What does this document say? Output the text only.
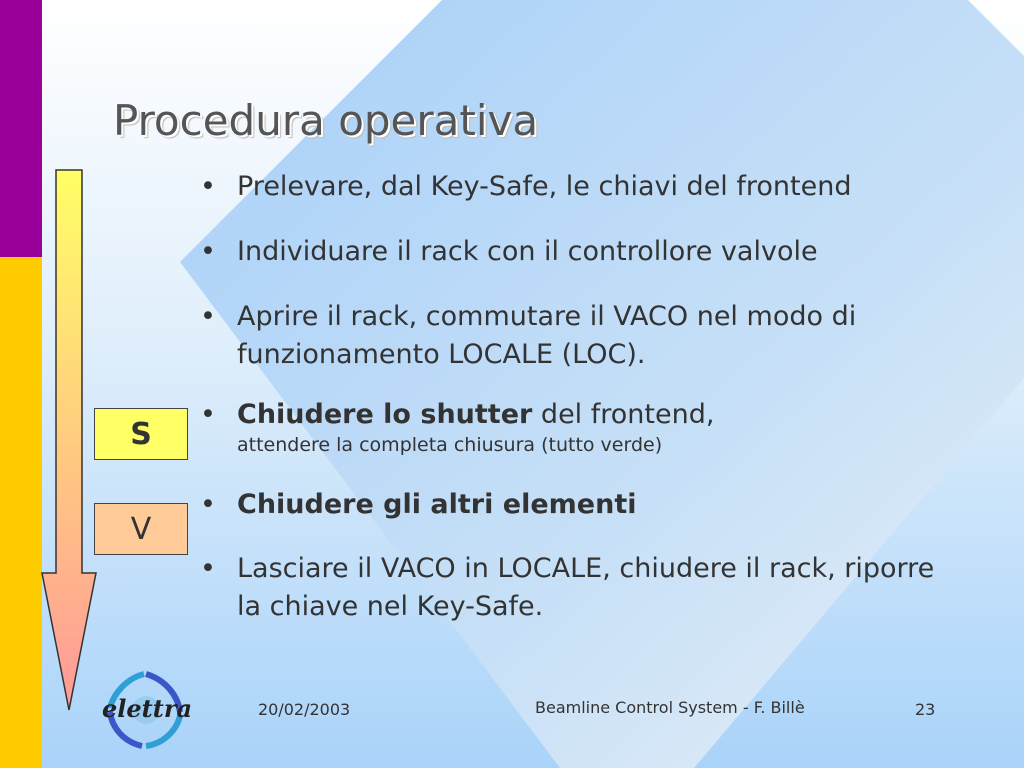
Procedura operativa
S
V
• Prelevare, dal Key-Safe, le chiavi del frontend
• Individuare il rack con il controllore valvole
• Aprire il rack, commutare il VACO nel modo di funzionamento LOCALE (LOC).
• Chiudere lo shutter del frontend,
attendere la completa chiusura (tutto verde)
• Chiudere gli altri elementi
• Lasciare il VACO in LOCALE, chiudere il rack, riporre la chiave nel Key-Safe.
elettra	20/02/2003	Beamline Control System - F. Billè	23
